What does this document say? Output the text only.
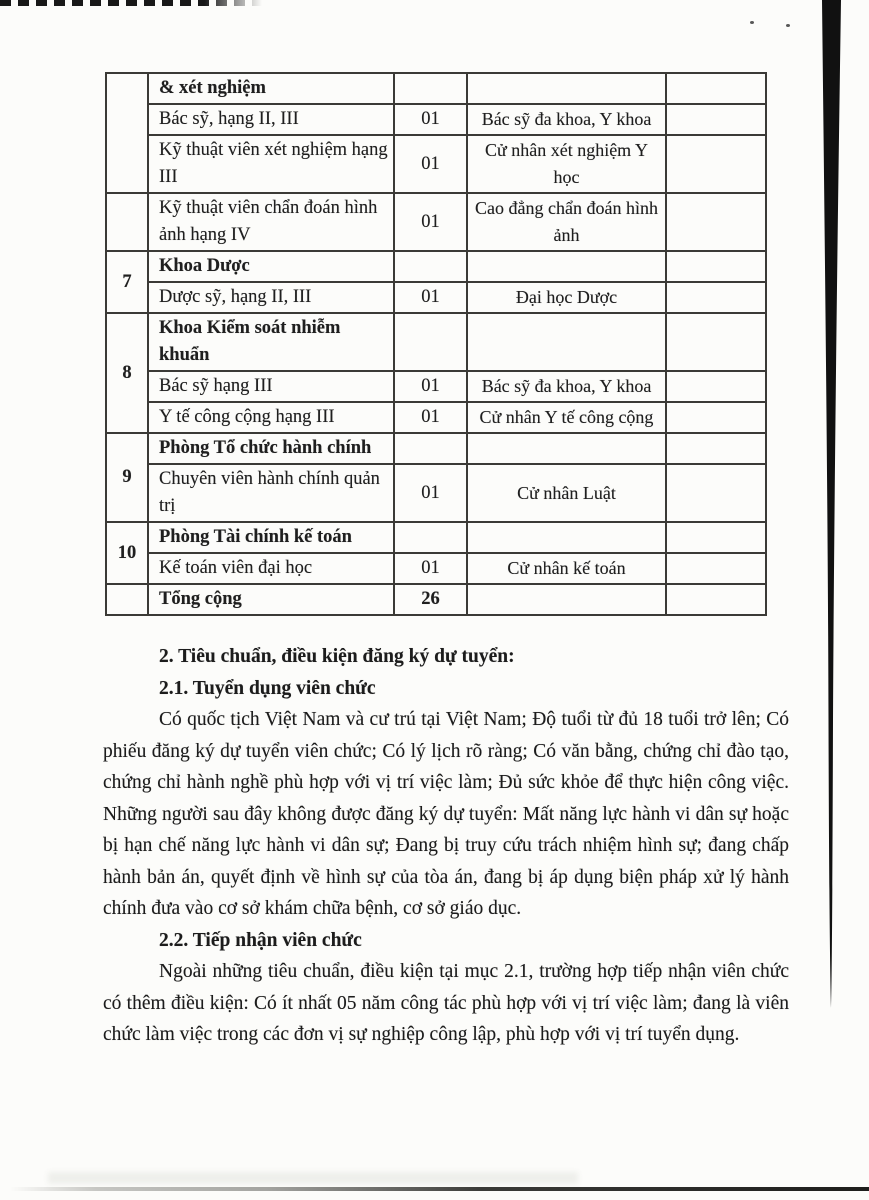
	& xét nghiệm			
	Bác sỹ, hạng II, III	01	Bác sỹ đa khoa, Y khoa	
	Kỹ thuật viên xét nghiệm hạng III	01	Cử nhân xét nghiệm Y học	
	Kỹ thuật viên chẩn đoán hình ảnh hạng IV	01	Cao đẳng chẩn đoán hình ảnh	
7	Khoa Dược			
	Dược sỹ, hạng II, III	01	Đại học Dược	
8	Khoa Kiểm soát nhiễm khuẩn			
	Bác sỹ hạng III	01	Bác sỹ đa khoa, Y khoa	
	Y tế công cộng hạng III	01	Cử nhân Y tế công cộng	
9	Phòng Tổ chức hành chính			
	Chuyên viên hành chính quản trị	01	Cử nhân Luật	
10	Phòng Tài chính kế toán			
	Kế toán viên đại học	01	Cử nhân kế toán	
	Tổng cộng	26		

2. Tiêu chuẩn, điều kiện đăng ký dự tuyển:

2.1. Tuyển dụng viên chức

Có quốc tịch Việt Nam và cư trú tại Việt Nam; Độ tuổi từ đủ 18 tuổi trở lên; Có phiếu đăng ký dự tuyển viên chức; Có lý lịch rõ ràng; Có văn bằng, chứng chỉ đào tạo, chứng chỉ hành nghề phù hợp với vị trí việc làm; Đủ sức khỏe để thực hiện công việc. Những người sau đây không được đăng ký dự tuyển: Mất năng lực hành vi dân sự hoặc bị hạn chế năng lực hành vi dân sự; Đang bị truy cứu trách nhiệm hình sự; đang chấp hành bản án, quyết định về hình sự của tòa án, đang bị áp dụng biện pháp xử lý hành chính đưa vào cơ sở khám chữa bệnh, cơ sở giáo dục.

2.2. Tiếp nhận viên chức

Ngoài những tiêu chuẩn, điều kiện tại mục 2.1, trường hợp tiếp nhận viên chức có thêm điều kiện: Có ít nhất 05 năm công tác phù hợp với vị trí việc làm; đang là viên chức làm việc trong các đơn vị sự nghiệp công lập, phù hợp với vị trí tuyển dụng.
